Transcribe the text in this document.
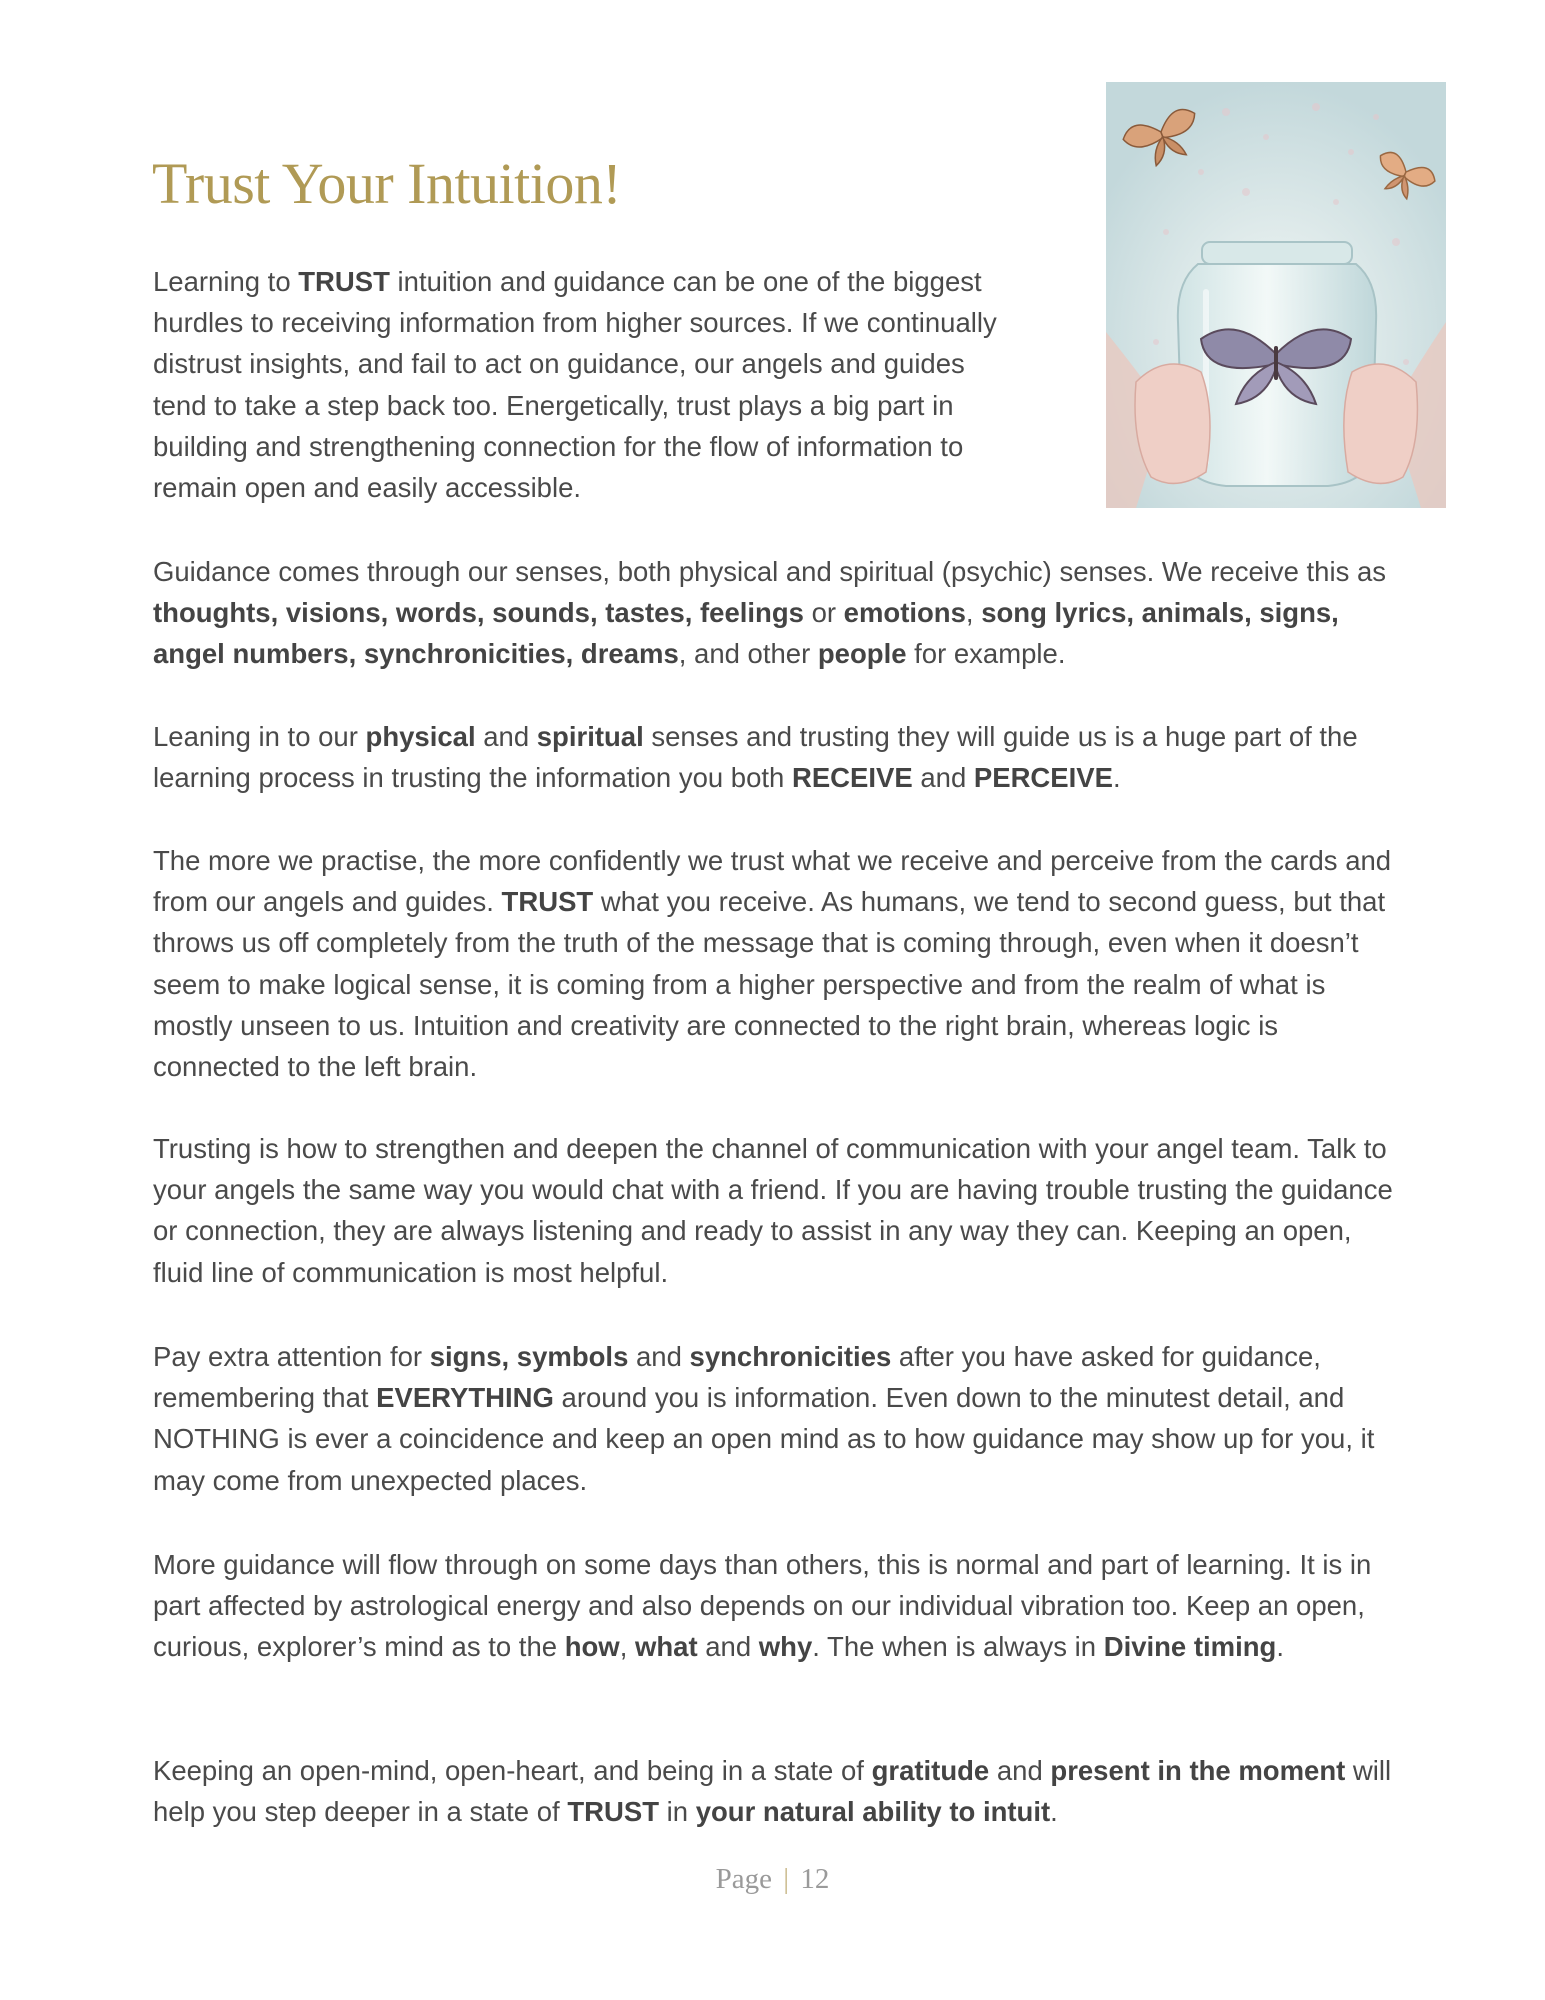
Trust Your Intuition!

Learning to TRUST intuition and guidance can be one of the biggest hurdles to receiving information from higher sources. If we continually distrust insights, and fail to act on guidance, our angels and guides tend to take a step back too. Energetically, trust plays a big part in building and strengthening connection for the flow of information to remain open and easily accessible.

Guidance comes through our senses, both physical and spiritual (psychic) senses. We receive this as thoughts, visions, words, sounds, tastes, feelings or emotions, song lyrics, animals, signs, angel numbers, synchronicities, dreams, and other people for example.

Leaning in to our physical and spiritual senses and trusting they will guide us is a huge part of the learning process in trusting the information you both RECEIVE and PERCEIVE.

The more we practise, the more confidently we trust what we receive and perceive from the cards and from our angels and guides. TRUST what you receive. As humans, we tend to second guess, but that throws us off completely from the truth of the message that is coming through, even when it doesn’t seem to make logical sense, it is coming from a higher perspective and from the realm of what is mostly unseen to us. Intuition and creativity are connected to the right brain, whereas logic is connected to the left brain.

Trusting is how to strengthen and deepen the channel of communication with your angel team. Talk to your angels the same way you would chat with a friend. If you are having trouble trusting the guidance or connection, they are always listening and ready to assist in any way they can. Keeping an open, fluid line of communication is most helpful.

Pay extra attention for signs, symbols and synchronicities after you have asked for guidance, remembering that EVERYTHING around you is information. Even down to the minutest detail, and NOTHING is ever a coincidence and keep an open mind as to how guidance may show up for you, it may come from unexpected places.

More guidance will flow through on some days than others, this is normal and part of learning. It is in part affected by astrological energy and also depends on our individual vibration too. Keep an open, curious, explorer’s mind as to the how, what and why. The when is always in Divine timing.

Keeping an open-mind, open-heart, and being in a state of gratitude and present in the moment will help you step deeper in a state of TRUST in your natural ability to intuit.

Page | 12
